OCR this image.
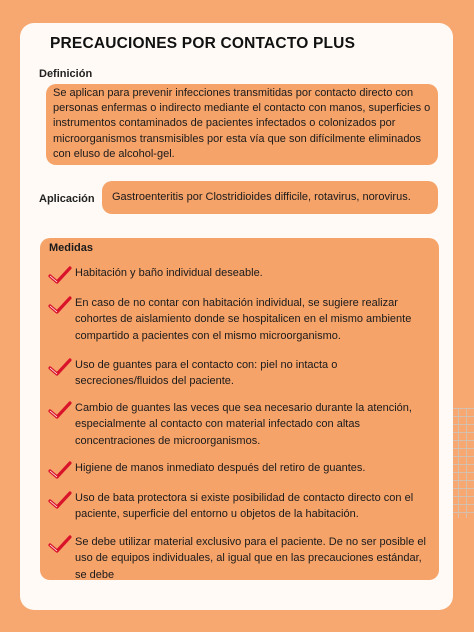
PRECAUCIONES POR CONTACTO PLUS
Definición
Se aplican para prevenir infecciones transmitidas por contacto directo con personas enfermas o indirecto mediante el contacto con manos, superficies o instrumentos contaminados de pacientes infectados o colonizados por microorganismos transmisibles por esta vía que son difícilmente eliminados con eluso de alcohol-gel.
Aplicación Gastroenteritis por Clostridioides difficile, rotavirus, norovirus.
Medidas
Habitación y baño individual deseable.
En caso de no contar con habitación individual, se sugiere realizar cohortes de aislamiento donde se hospitalicen en el mismo ambiente compartido a pacientes con el mismo microorganismo.
Uso de guantes para el contacto con: piel no intacta o secreciones/fluidos del paciente.
Cambio de guantes las veces que sea necesario durante la atención, especialmente al contacto con material infectado con altas concentraciones de microorganismos.
Higiene de manos inmediato después del retiro de guantes.
Uso de bata protectora si existe posibilidad de contacto directo con el paciente, superficie del entorno u objetos de la habitación.
Se debe utilizar material exclusivo para el paciente. De no ser posible el uso de equipos individuales, al igual que en las precauciones estándar, se debe
